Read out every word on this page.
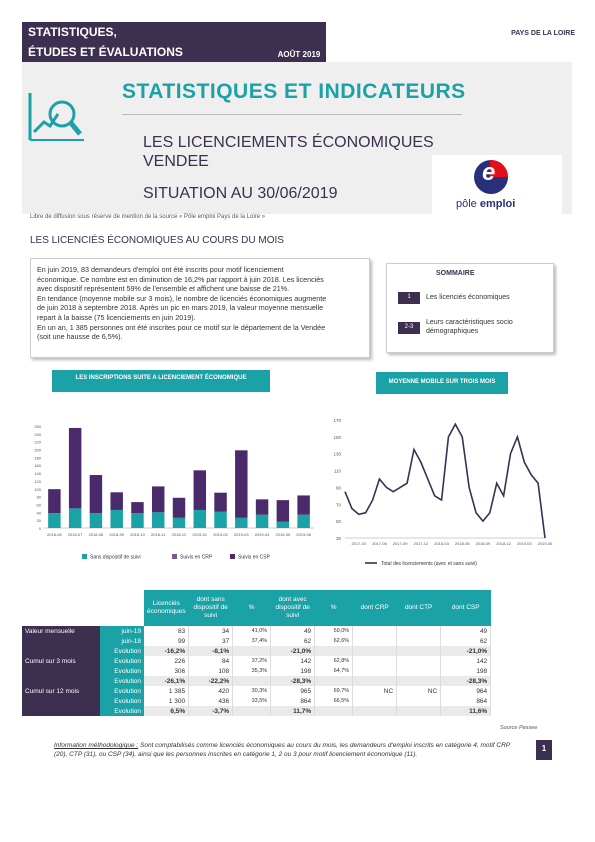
STATISTIQUES,
ÉTUDES ET ÉVALUATIONS	AOÛT 2019
PAYS DE LA LOIRE
STATISTIQUES ET INDICATEURS
LES LICENCIEMENTS ÉCONOMIQUES
VENDEE
SITUATION AU 30/06/2019
e
pôle emploi
Libre de diffusion sous réserve de mention de la source « Pôle emploi Pays de la Loire »
LES LICENCIÉS ÉCONOMIQUES AU COURS DU MOIS
En juin 2019, 83 demandeurs d'emploi ont été inscrits pour motif licenciement
économique. Ce nombre est en diminution de 16,2% par rapport à juin 2018. Les licenciés
avec dispositif représentent 59% de l'ensemble et affichent une baisse de 21%.
En tendance (moyenne mobile sur 3 mois), le nombre de licenciés économiques augmente
de juin 2018 à septembre 2018. Après un pic en mars 2019, la valeur moyenne mensuelle
repart à la baisse (75 licenciements en juin 2019).
En un an, 1 385 personnes ont été inscrites pour ce motif sur le département de la Vendée
(soit une hausse de 6,5%).
SOMMAIRE
1	Les licenciés économiques
2-3
Leurs caractéristiques socio démographiques
LES INSCRIPTIONS SUITE A LICENCIEMENT ÉCONOMIQUE
MOYENNE MOBILE SUR TROIS MOIS
0
20
40
60
80
100
120
140
160
180
200
220
240
260
2018-06 2018-07 2018-08 2018-09 2018-10 2018-11 2018-12 2019-01 2019-02 2019-03 2019-04 2019-05 2019-06
Sans dispositif de suivi	Suivis en CRP	Suivis en CSP
30
50
70
90
110
130
150
170
2017-03 2017-06 2017-09 2017-12 2018-03 2018-06 2018-09 2018-12 2019-03 2019-06
Total des licenciements (avec et sans suivi)
		Licenciés économiques	dont sans dispositif de suivi	%	dont avec dispositif de suivi	%	dont CRP	dont CTP	dont CSP
Valeur mensuelle	juin-19	83	34	41,0%	49	59,0%			49
	juin-18	99	37	37,4%	62	62,6%			62
	Evolution	-16,2%	-8,1%		-21,0%				-21,0%
Cumul sur 3 mois	Evolution	226	84	37,2%	142	62,8%			142
	Evolution	306	108	35,3%	198	64,7%			198
	Evolution	-26,1%	-22,2%		-28,3%				-28,3%
Cumul sur 12 mois	Evolution	1 385	420	30,3%	965	69,7%	NC	NC	964
	Evolution	1 300	436	33,5%	864	66,5%			864
	Evolution	6,5%	-3,7%		11,7%				11,6%
Source Pessee
Information méthodologique : Sont comptabilisés comme licenciés économiques au cours du mois, les demandeurs d'emploi inscrits en catégorie 4, motif CRP (20), CTP (31), ou CSP (34), ainsi que les personnes inscrites en catégorie 1, 2 ou 3 pour motif licenciement économique (11).
1
